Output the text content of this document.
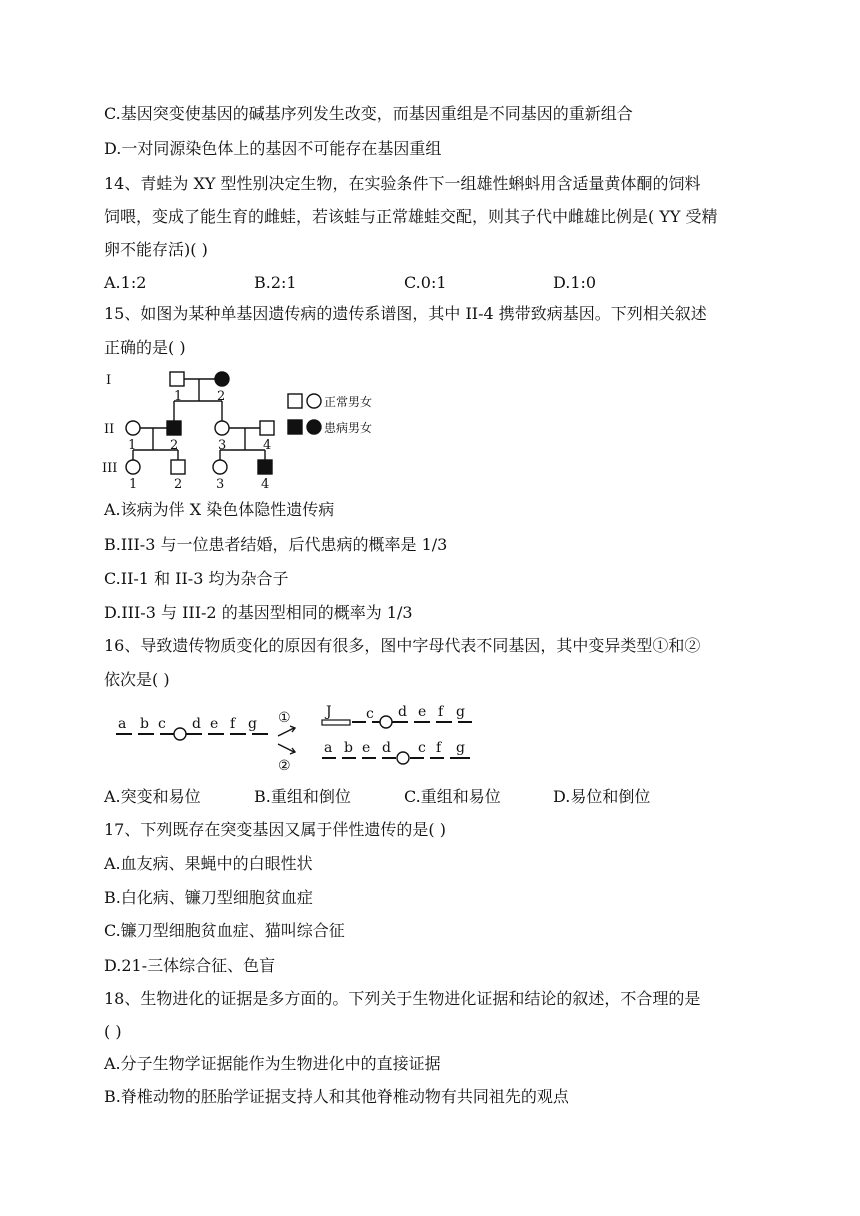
C.基因突变使基因的碱基序列发生改变，而基因重组是不同基因的重新组合
D.一对同源染色体上的基因不可能存在基因重组
14、青蛙为 XY 型性别决定生物，在实验条件下一组雄性蝌蚪用含适量黄体酮的饲料
饲喂，变成了能生育的雌蛙，若该蛙与正常雄蛙交配，则其子代中雌雄比例是( YY 受精
卵不能存活)( )
A.1:2	B.2:1	C.0:1	D.1:0
15、如图为某种单基因遗传病的遗传系谱图，其中 II-4 携带致病基因。下列相关叙述
正确的是( )
I
II
III
1	2
1	2	3	4
1	2	3	4
正常男女
患病男女
A.该病为伴 X 染色体隐性遗传病
B.III-3 与一位患者结婚，后代患病的概率是 1/3
C.II-1 和 II-3 均为杂合子
D.III-3 与 III-2 的基因型相同的概率为 1/3
16、导致遗传物质变化的原因有很多，图中字母代表不同基因，其中变异类型①和②
依次是( )
a b c d e f g ①
②
J c d e f g
a b e d c f g
A.突变和易位	B.重组和倒位	C.重组和易位	D.易位和倒位
17、下列既存在突变基因又属于伴性遗传的是( )
A.血友病、果蝇中的白眼性状
B.白化病、镰刀型细胞贫血症
C.镰刀型细胞贫血症、猫叫综合征
D.21-三体综合征、色盲
18、生物进化的证据是多方面的。下列关于生物进化证据和结论的叙述，不合理的是
( )
A.分子生物学证据能作为生物进化中的直接证据
B.脊椎动物的胚胎学证据支持人和其他脊椎动物有共同祖先的观点
